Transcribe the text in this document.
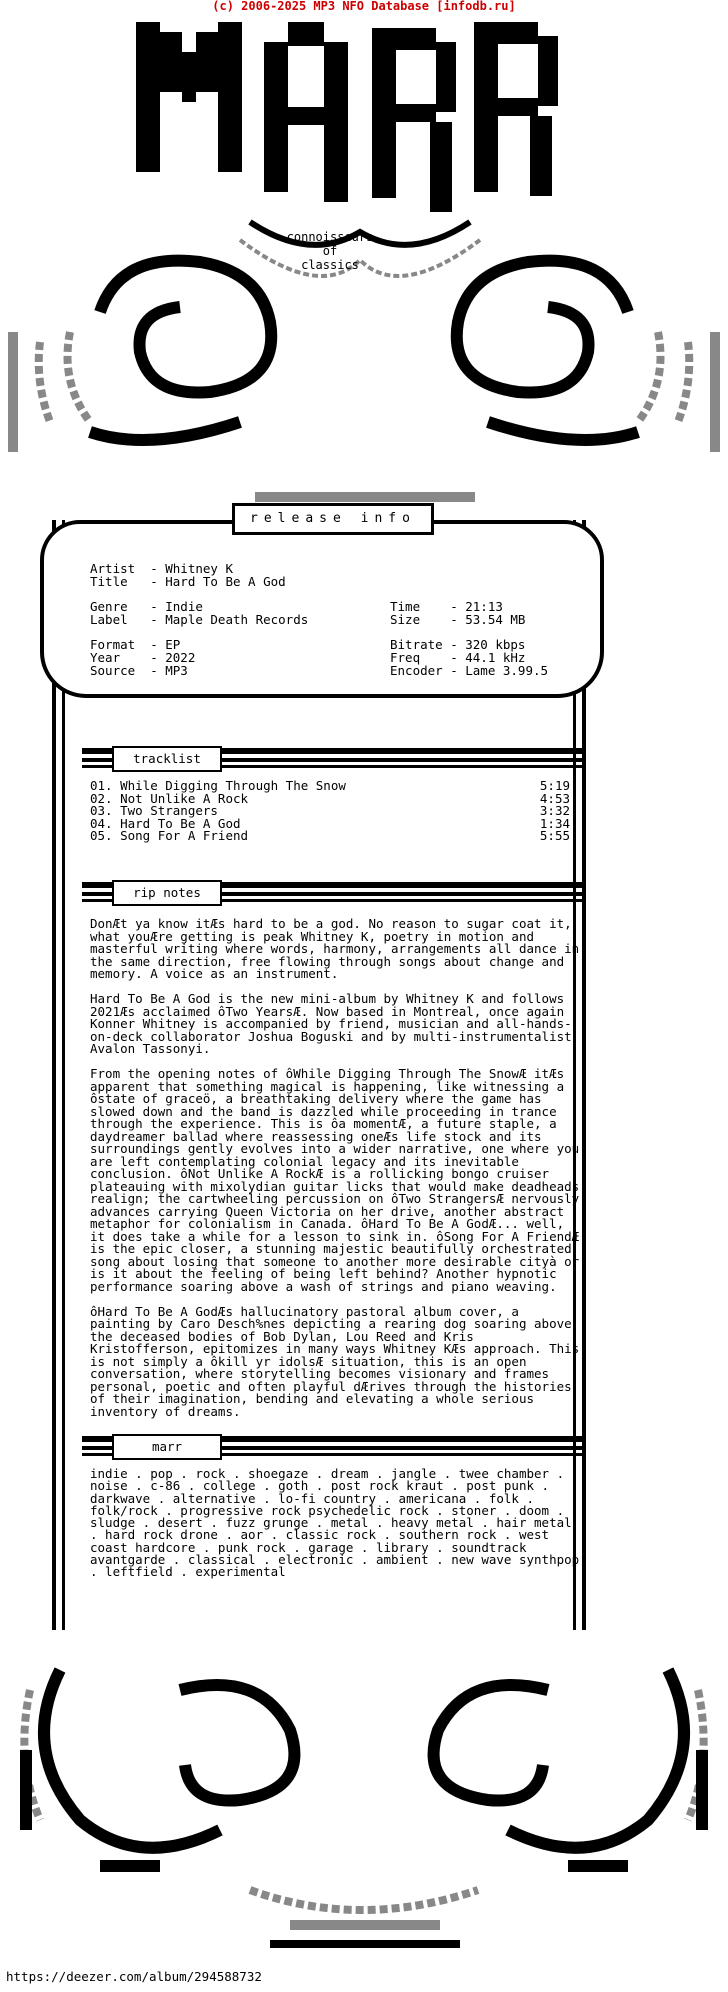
(c) 2006-2025 MP3 NFO Database [infodb.ru]
connoisseurs
of
classics
release info
Artist  - Whitney K
Title   - Hard To Be A God
Genre   - Indie
Label   - Maple Death Records
Time    - 21:13
Size    - 53.54 MB
Format  - EP
Year    - 2022
Source  - MP3
Bitrate - 320 kbps
Freq    - 44.1 kHz
Encoder - Lame 3.99.5
tracklist
01. While Digging Through The Snow	5:19
02. Not Unlike A Rock	4:53
03. Two Strangers	3:32
04. Hard To Be A God	1:34
05. Song For A Friend	5:55
rip notes

DonÆt ya know itÆs hard to be a god. No reason to sugar coat it, what youÆre getting is peak Whitney K, poetry in motion and masterful writing where words, harmony, arrangements all dance in the same direction, free flowing through songs about change and memory. A voice as an instrument.

Hard To Be A God is the new mini-album by Whitney K and follows 2021Æs acclaimed ôTwo YearsÆ. Now based in Montreal, once again Konner Whitney is accompanied by friend, musician and all-hands-on-deck collaborator Joshua Boguski and by multi-instrumentalist Avalon Tassonyi.

From the opening notes of ôWhile Digging Through The SnowÆ itÆs apparent that something magical is happening, like witnessing a ôstate of graceö, a breathtaking delivery where the game has slowed down and the band is dazzled while proceeding in trance through the experience. This is ôa momentÆ, a future staple, a daydreamer ballad where reassessing oneÆs life stock and its surroundings gently evolves into a wider narrative, one where you are left contemplating colonial legacy and its inevitable conclusion. ôNot Unlike A RockÆ is a rollicking bongo cruiser plateauing with mixolydian guitar licks that would make deadheads realign; the cartwheeling percussion on ôTwo StrangersÆ nervously advances carrying Queen Victoria on her drive, another abstract metaphor for colonialism in Canada. ôHard To Be A GodÆ... well, it does take a while for a lesson to sink in. ôSong For A FriendÆ is the epic closer, a stunning majestic beautifully orchestrated song about losing that someone to another more desirable cityà or is it about the feeling of being left behind? Another hypnotic performance soaring above a wash of strings and piano weaving.

ôHard To Be A GodÆs hallucinatory pastoral album cover, a painting by Caro Desch%nes depicting a rearing dog soaring above the deceased bodies of Bob Dylan, Lou Reed and Kris Kristofferson, epitomizes in many ways Whitney KÆs approach. This is not simply a ôkill yr idolsÆ situation, this is an open conversation, where storytelling becomes visionary and frames personal, poetic and often playful dÆrives through the histories of their imagination, bending and elevating a whole serious inventory of dreams.

marr
indie . pop . rock . shoegaze . dream . jangle . twee chamber . noise . c-86 . college . goth . post rock kraut . post punk . darkwave . alternative . lo-fi country . americana . folk . folk/rock . progressive rock psychedelic rock . stoner . doom . sludge . desert . fuzz grunge . metal . heavy metal . hair metal . hard rock drone . aor . classic rock . southern rock . west coast hardcore . punk rock . garage . library . soundtrack avantgarde . classical . electronic . ambient . new wave synthpop . leftfield . experimental
https://deezer.com/album/294588732
